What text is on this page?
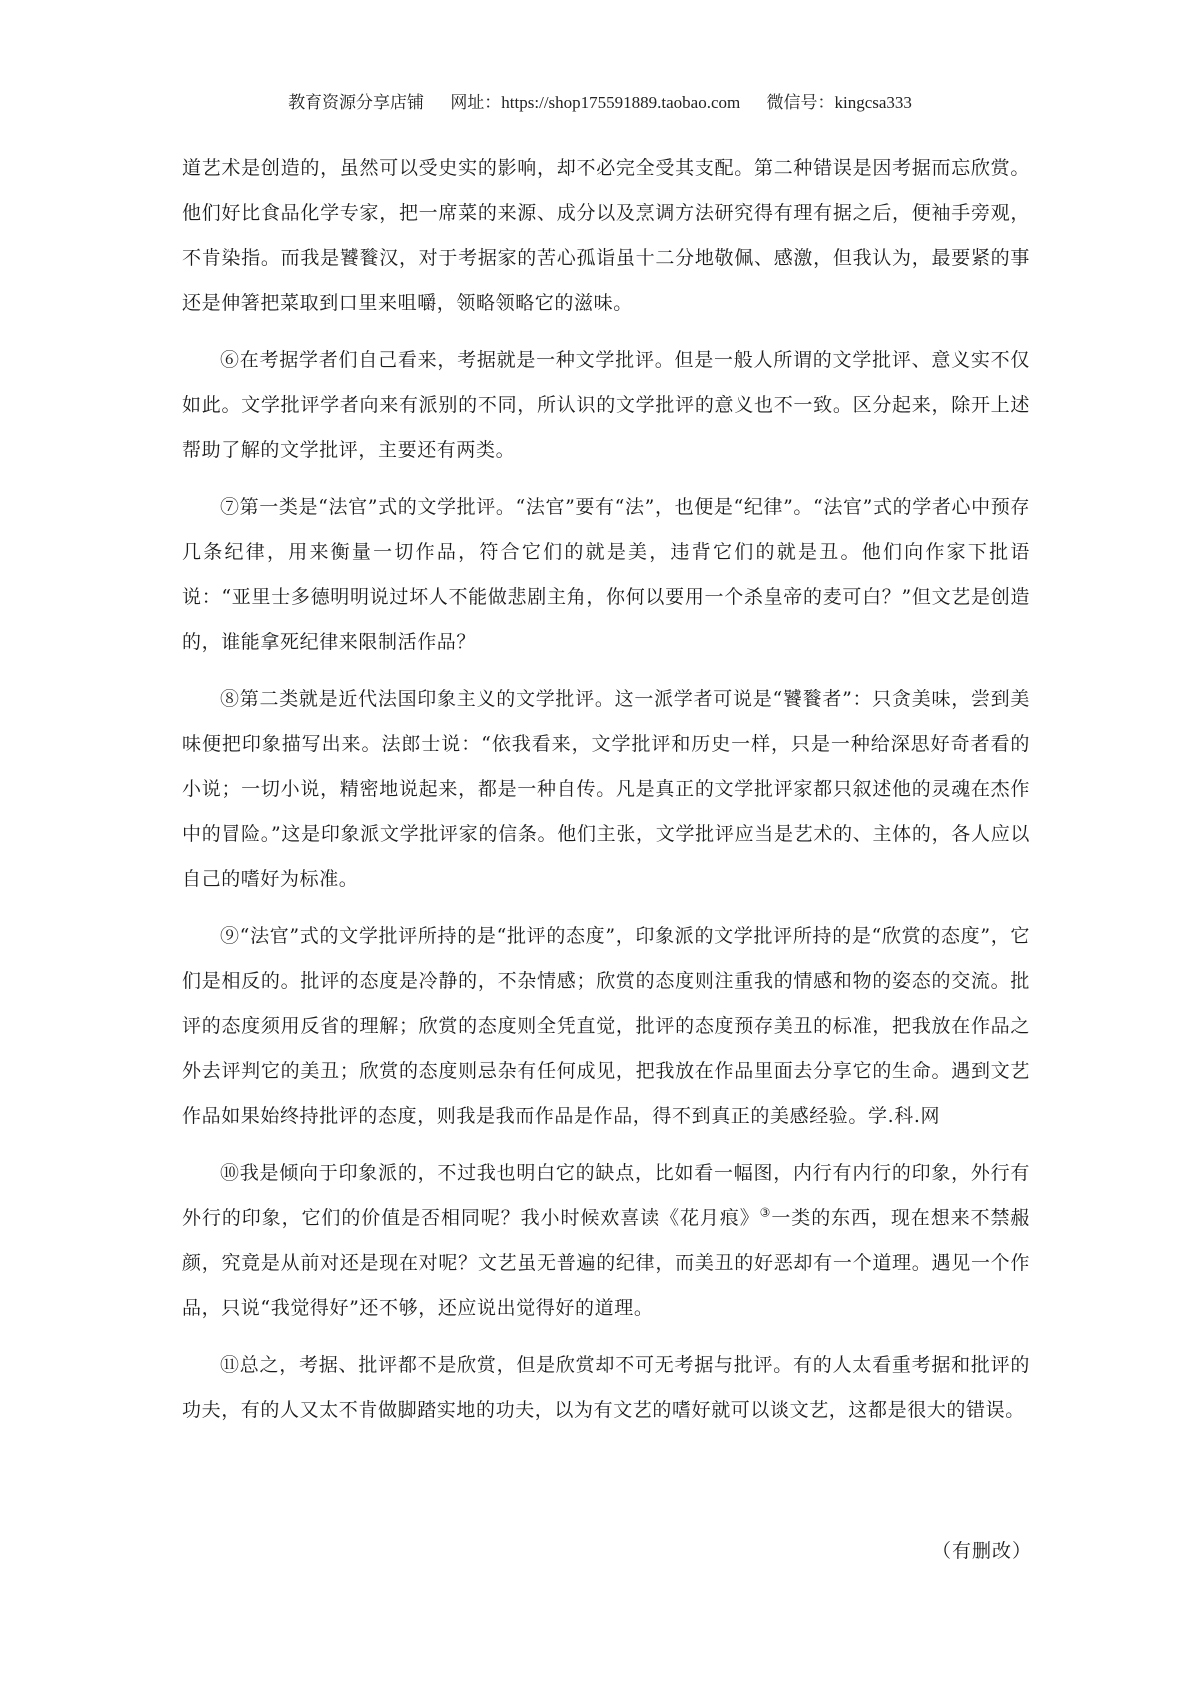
教育资源分享店铺 网址：https://shop175591889.taobao.com 微信号：kingcsa333

道艺术是创造的，虽然可以受史实的影响，却不必完全受其支配。第二种错误是因考据而忘欣赏。他们好比食品化学专家，把一席菜的来源、成分以及烹调方法研究得有理有据之后，便袖手旁观，不肯染指。而我是饕餮汉，对于考据家的苦心孤诣虽十二分地敬佩、感激，但我认为，最要紧的事还是伸箸把菜取到口里来咀嚼，领略领略它的滋味。

⑥在考据学者们自己看来，考据就是一种文学批评。但是一般人所谓的文学批评、意义实不仅如此。文学批评学者向来有派别的不同，所认识的文学批评的意义也不一致。区分起来，除开上述帮助了解的文学批评，主要还有两类。

⑦第一类是“法官”式的文学批评。“法官”要有“法”，也便是“纪律”。“法官”式的学者心中预存几条纪律，用来衡量一切作品，符合它们的就是美，违背它们的就是丑。他们向作家下批语说：“亚里士多德明明说过坏人不能做悲剧主角，你何以要用一个杀皇帝的麦可白？”但文艺是创造的，谁能拿死纪律来限制活作品？

⑧第二类就是近代法国印象主义的文学批评。这一派学者可说是“饕餮者”：只贪美味，尝到美味便把印象描写出来。法郎士说：“依我看来，文学批评和历史一样，只是一种给深思好奇者看的小说；一切小说，精密地说起来，都是一种自传。凡是真正的文学批评家都只叙述他的灵魂在杰作中的冒险。”这是印象派文学批评家的信条。他们主张，文学批评应当是艺术的、主体的，各人应以自己的嗜好为标准。

⑨“法官”式的文学批评所持的是“批评的态度”，印象派的文学批评所持的是“欣赏的态度”，它们是相反的。批评的态度是冷静的，不杂情感；欣赏的态度则注重我的情感和物的姿态的交流。批评的态度须用反省的理解；欣赏的态度则全凭直觉，批评的态度预存美丑的标准，把我放在作品之外去评判它的美丑；欣赏的态度则忌杂有任何成见，把我放在作品里面去分享它的生命。遇到文艺作品如果始终持批评的态度，则我是我而作品是作品，得不到真正的美感经验。学.科.网

⑩我是倾向于印象派的，不过我也明白它的缺点，比如看一幅图，内行有内行的印象，外行有外行的印象，它们的价值是否相同呢？我小时候欢喜读《花月痕》③一类的东西，现在想来不禁赧颜，究竟是从前对还是现在对呢？文艺虽无普遍的纪律，而美丑的好恶却有一个道理。遇见一个作品，只说“我觉得好”还不够，还应说出觉得好的道理。

⑪总之，考据、批评都不是欣赏，但是欣赏却不可无考据与批评。有的人太看重考据和批评的功夫，有的人又太不肯做脚踏实地的功夫，以为有文艺的嗜好就可以谈文艺，这都是很大的错误。

（有删改）
